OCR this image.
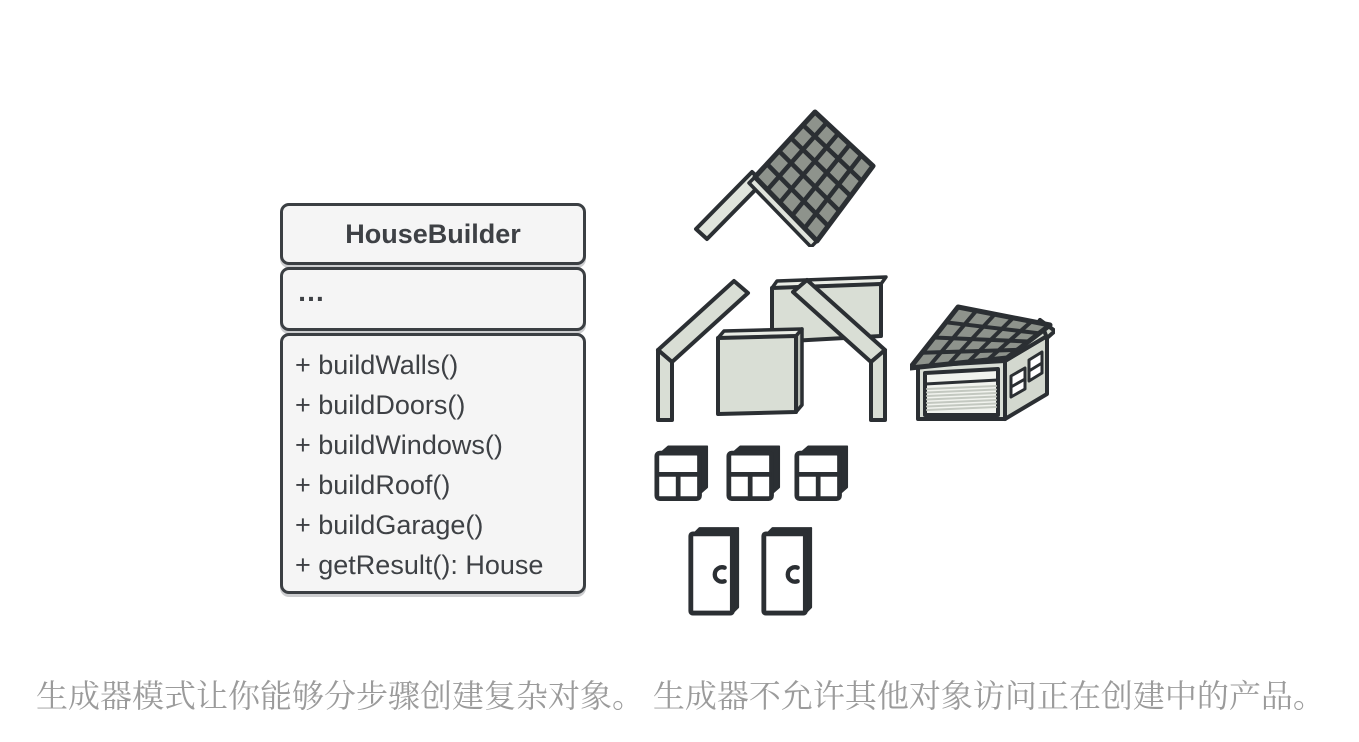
HouseBuilder
…
+ buildWalls()
+ buildDoors()
+ buildWindows()
+ buildRoof()
+ buildGarage()
+ getResult(): House
生成器模式让你能够分步骤创建复杂对象。 生成器不允许其他对象访问正在创建中的产品。
